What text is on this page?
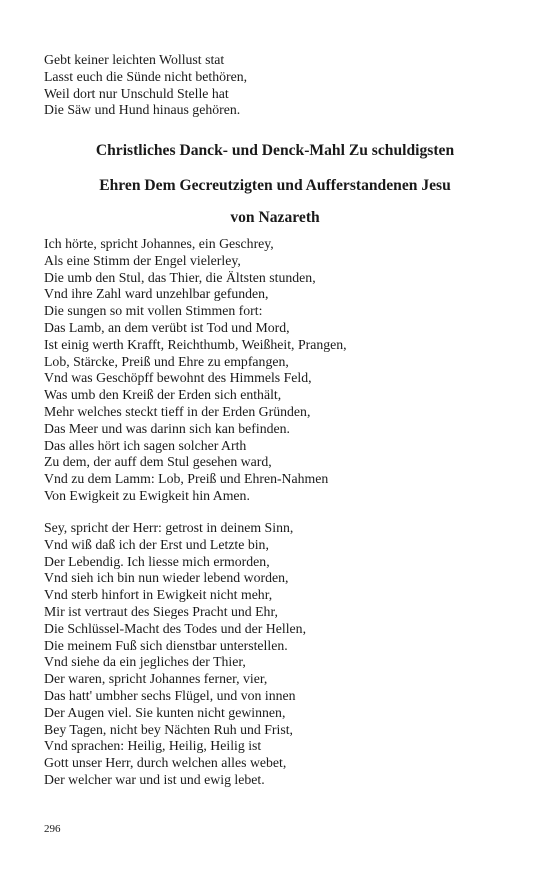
Gebt keiner leichten Wollust stat
Lasst euch die Sünde nicht bethören,
Weil dort nur Unschuld Stelle hat
Die Säw und Hund hinaus gehören.
Christliches Danck- und Denck-Mahl Zu schuldigsten
Ehren Dem Gecreutzigten und Aufferstandenen Jesu
von Nazareth
Ich hörte, spricht Johannes, ein Geschrey,
Als eine Stimm der Engel vielerley,
Die umb den Stul, das Thier, die Ältsten stunden,
Vnd ihre Zahl ward unzehlbar gefunden,
Die sungen so mit vollen Stimmen fort:
Das Lamb, an dem verübt ist Tod und Mord,
Ist einig werth Krafft, Reichthumb, Weißheit, Prangen,
Lob, Stärcke, Preiß und Ehre zu empfangen,
Vnd was Geschöpff bewohnt des Himmels Feld,
Was umb den Kreiß der Erden sich enthält,
Mehr welches steckt tieff in der Erden Gründen,
Das Meer und was darinn sich kan befinden.
Das alles hört ich sagen solcher Arth
Zu dem, der auff dem Stul gesehen ward,
Vnd zu dem Lamm: Lob, Preiß und Ehren-Nahmen
Von Ewigkeit zu Ewigkeit hin Amen.
Sey, spricht der Herr: getrost in deinem Sinn,
Vnd wiß daß ich der Erst und Letzte bin,
Der Lebendig. Ich liesse mich ermorden,
Vnd sieh ich bin nun wieder lebend worden,
Vnd sterb hinfort in Ewigkeit nicht mehr,
Mir ist vertraut des Sieges Pracht und Ehr,
Die Schlüssel-Macht des Todes und der Hellen,
Die meinem Fuß sich dienstbar unterstellen.
Vnd siehe da ein jegliches der Thier,
Der waren, spricht Johannes ferner, vier,
Das hatt' umbher sechs Flügel, und von innen
Der Augen viel. Sie kunten nicht gewinnen,
Bey Tagen, nicht bey Nächten Ruh und Frist,
Vnd sprachen: Heilig, Heilig, Heilig ist
Gott unser Herr, durch welchen alles webet,
Der welcher war und ist und ewig lebet.
296
